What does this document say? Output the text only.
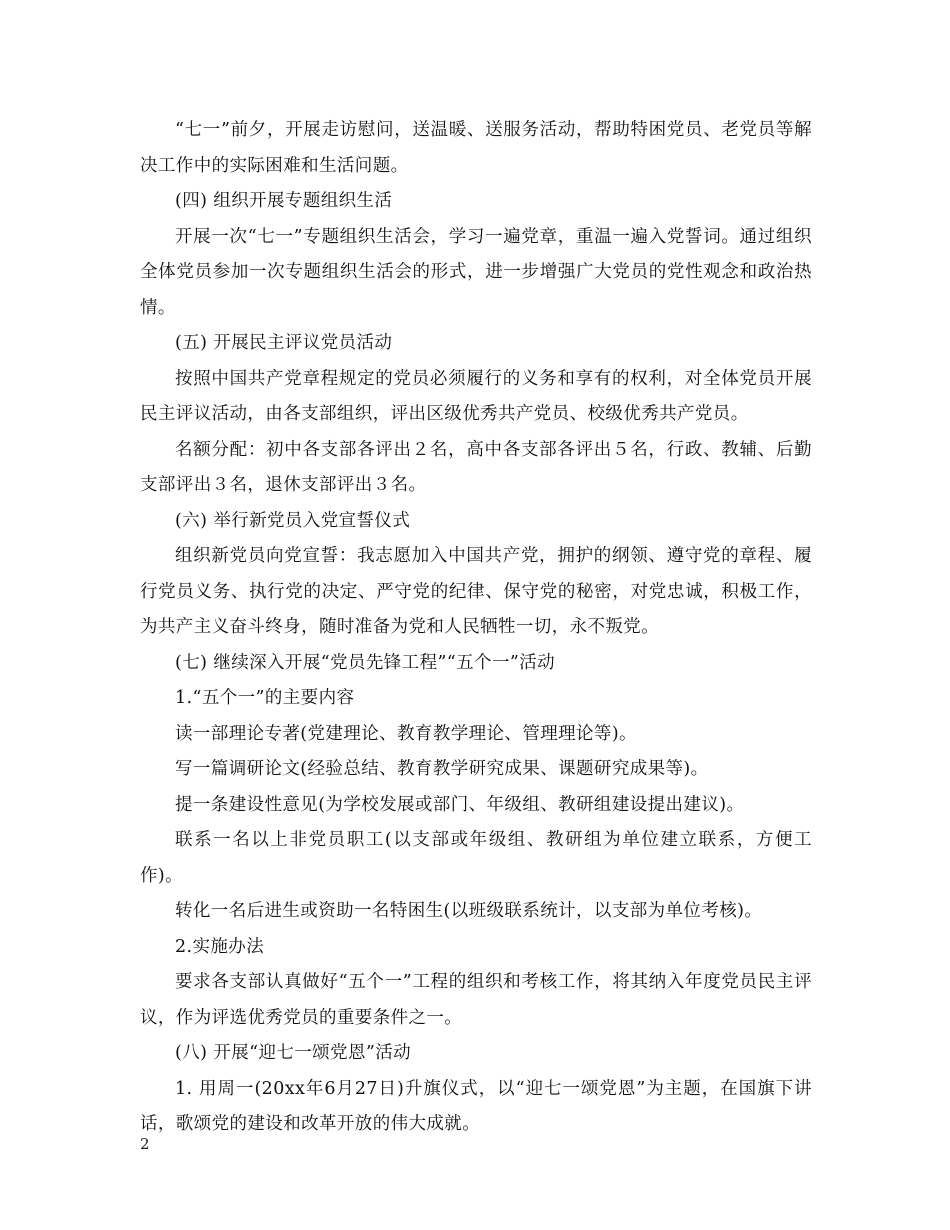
“七一”前夕，开展走访慰问，送温暖、送服务活动，帮助特困党员、老党员等解决工作中的实际困难和生活问题。

(四) 组织开展专题组织生活

开展一次“七一”专题组织生活会，学习一遍党章，重温一遍入党誓词。通过组织全体党员参加一次专题组织生活会的形式，进一步增强广大党员的党性观念和政治热情。

(五) 开展民主评议党员活动

按照中国共产党章程规定的党员必须履行的义务和享有的权利，对全体党员开展民主评议活动，由各支部组织，评出区级优秀共产党员、校级优秀共产党员。

名额分配：初中各支部各评出２名，高中各支部各评出５名，行政、教辅、后勤支部评出３名，退休支部评出３名。

(六) 举行新党员入党宣誓仪式

组织新党员向党宣誓：我志愿加入中国共产党，拥护的纲领、遵守党的章程、履行党员义务、执行党的决定、严守党的纪律、保守党的秘密，对党忠诚，积极工作，为共产主义奋斗终身，随时准备为党和人民牺牲一切，永不叛党。

(七) 继续深入开展“党员先锋工程”“五个一”活动

1.“五个一”的主要内容

读一部理论专著(党建理论、教育教学理论、管理理论等)。

写一篇调研论文(经验总结、教育教学研究成果、课题研究成果等)。

提一条建设性意见(为学校发展或部门、年级组、教研组建设提出建议)。

联系一名以上非党员职工(以支部或年级组、教研组为单位建立联系，方便工作)。

转化一名后进生或资助一名特困生(以班级联系统计，以支部为单位考核)。

2.实施办法

要求各支部认真做好“五个一”工程的组织和考核工作，将其纳入年度党员民主评议，作为评选优秀党员的重要条件之一。

(八) 开展“迎七一颂党恩”活动

1. 用周一(20xx年6月27日)升旗仪式，以“迎七一颂党恩”为主题，在国旗下讲话，歌颂党的建设和改革开放的伟大成就。

2
